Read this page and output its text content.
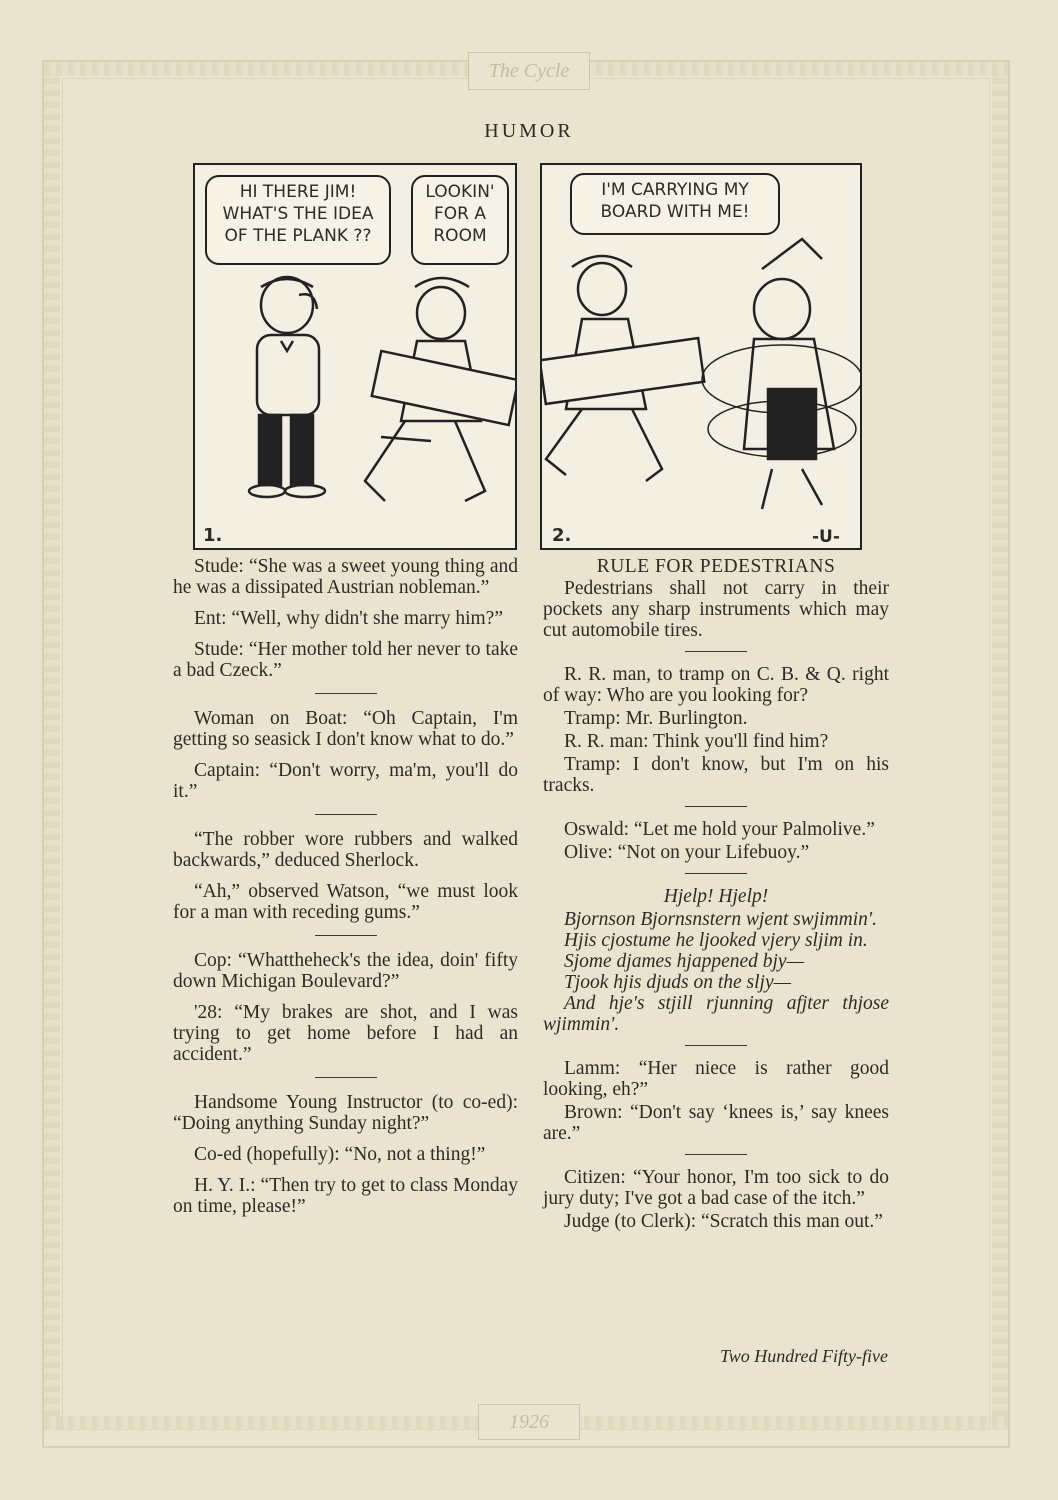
The Cycle
1926
HUMOR
HI THERE JIM!
WHAT'S THE IDEA
OF THE PLANK ??
LOOKIN'
FOR A
ROOM
1.
I'M CARRYING MY
BOARD WITH ME!
2.	-U-

Stude: “She was a sweet young thing and he was a dissipated Austrian nobleman.”

Ent: “Well, why didn't she marry him?”

Stude: “Her mother told her never to take a bad Czeck.”

Woman on Boat: “Oh Captain, I'm getting so seasick I don't know what to do.”

Captain: “Don't worry, ma'm, you'll do it.”

“The robber wore rubbers and walked backwards,” deduced Sherlock.

“Ah,” observed Watson, “we must look for a man with receding gums.”

Cop: “Whattheheck's the idea, doin' fifty down Michigan Boulevard?”

'28: “My brakes are shot, and I was trying to get home before I had an accident.”

Handsome Young Instructor (to co-ed): “Doing anything Sunday night?”

Co-ed (hopefully): “No, not a thing!”

H. Y. I.: “Then try to get to class Monday on time, please!”

RULE FOR PEDESTRIANS

Pedestrians shall not carry in their pockets any sharp instruments which may cut automobile tires.

R. R. man, to tramp on C. B. & Q. right of way: Who are you looking for?

Tramp: Mr. Burlington.

R. R. man: Think you'll find him?

Tramp: I don't know, but I'm on his tracks.

Oswald: “Let me hold your Palmolive.”

Olive: “Not on your Lifebuoy.”

Hjelp! Hjelp!

Bjornson Bjornsnstern wjent swjimmin'.

Hjis cjostume he ljooked vjery sljim in.

Sjome djames hjappened bjy—

Tjook hjis djuds on the sljy—

And hje's stjill rjunning afjter thjose wjimmin'.

Lamm: “Her niece is rather good looking, eh?”

Brown: “Don't say ‘knees is,’ say knees are.”

Citizen: “Your honor, I'm too sick to do jury duty; I've got a bad case of the itch.”

Judge (to Clerk): “Scratch this man out.”

Two Hundred Fifty-five
